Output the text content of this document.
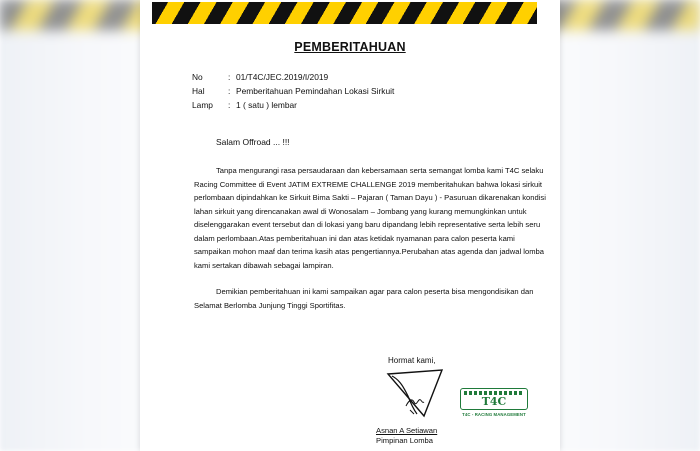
PEMBERITAHUAN
No	: 01/T4C/JEC.2019/I/2019
Hal	: Pemberitahuan Pemindahan Lokasi Sirkuit
Lamp	: 1 ( satu ) lembar
Salam Offroad ... !!!

Tanpa mengurangi rasa persaudaraan dan kebersamaan serta semangat lomba kami T4C selaku Racing Committee di Event JATIM EXTREME CHALLENGE 2019 memberitahukan bahwa lokasi sirkuit perlombaan dipindahkan ke Sirkuit Bima Sakti – Pajaran ( Taman Dayu ) - Pasuruan dikarenakan kondisi lahan sirkuit yang direncanakan awal di Wonosalam – Jombang yang kurang memungkinkan untuk diselenggarakan event tersebut dan di lokasi yang baru dipandang lebih representative serta lebih seru dalam perlombaan.Atas pemberitahuan ini dan atas ketidak nyamanan para calon peserta kami sampaikan mohon maaf dan terima kasih atas pengertiannya.Perubahan atas agenda dan jadwal lomba kami sertakan dibawah sebagai lampiran.

Demikian pemberitahuan ini kami sampaikan agar para calon peserta bisa mengondisikan dan Selamat Berlomba Junjung Tinggi Sportifitas.

Hormat kami,
Asnan A Setiawan
Pimpinan Lomba
T4C
T4C - RACING MANAGEMENT
